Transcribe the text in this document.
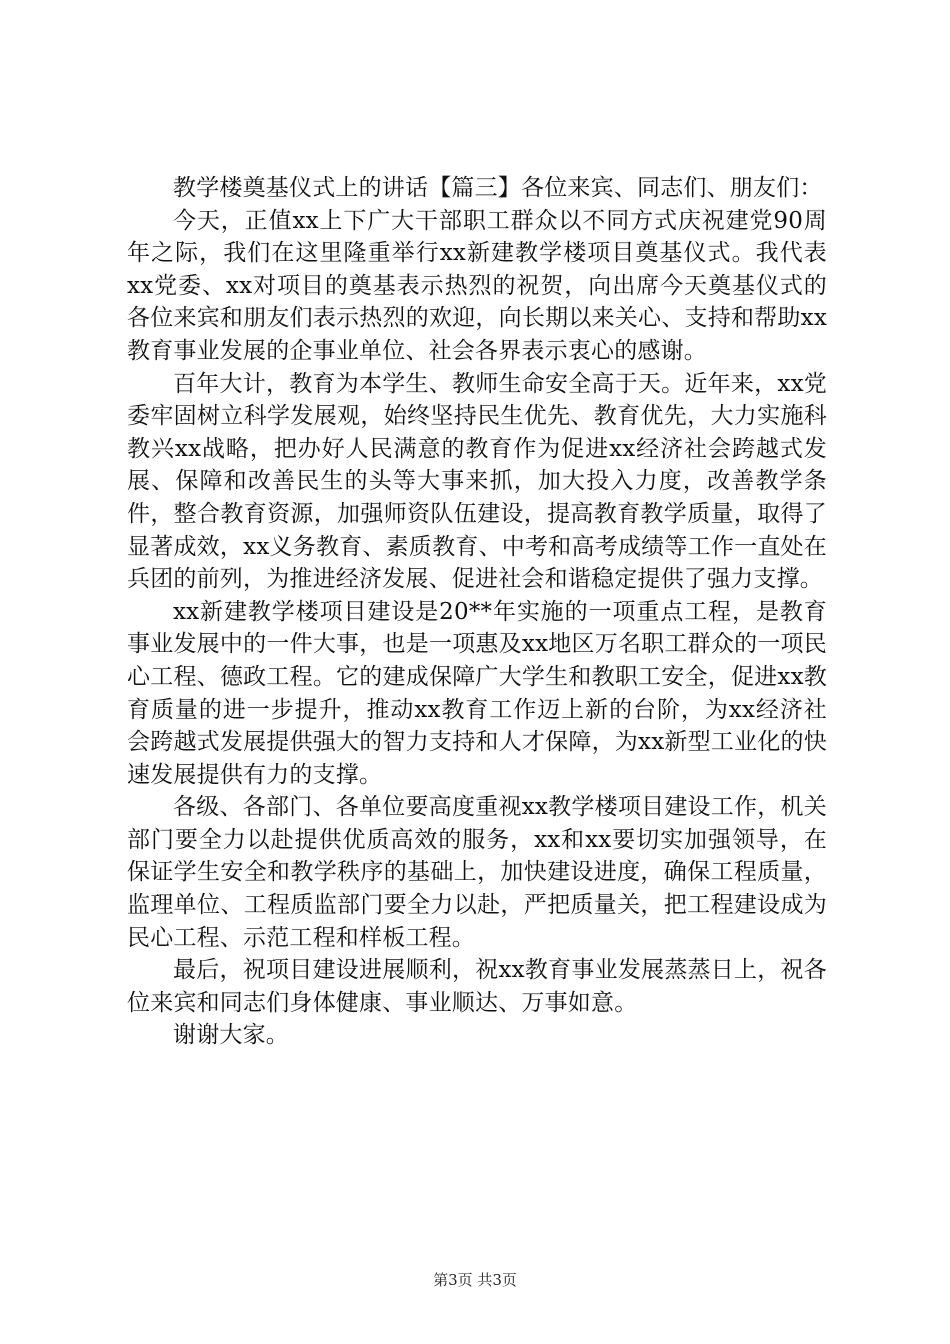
教学楼奠基仪式上的讲话【篇三】各位来宾、同志们、朋友们：

今天，正值xx上下广大干部职工群众以不同方式庆祝建党90周年之际，我们在这里隆重举行xx新建教学楼项目奠基仪式。我代表xx党委、xx对项目的奠基表示热烈的祝贺，向出席今天奠基仪式的各位来宾和朋友们表示热烈的欢迎，向长期以来关心、支持和帮助xx教育事业发展的企事业单位、社会各界表示衷心的感谢。

百年大计，教育为本学生、教师生命安全高于天。近年来，xx党委牢固树立科学发展观，始终坚持民生优先、教育优先，大力实施科教兴xx战略，把办好人民满意的教育作为促进xx经济社会跨越式发展、保障和改善民生的头等大事来抓，加大投入力度，改善教学条件，整合教育资源，加强师资队伍建设，提高教育教学质量，取得了显著成效，xx义务教育、素质教育、中考和高考成绩等工作一直处在兵团的前列，为推进经济发展、促进社会和谐稳定提供了强力支撑。

xx新建教学楼项目建设是20**年实施的一项重点工程，是教育事业发展中的一件大事，也是一项惠及xx地区万名职工群众的一项民心工程、德政工程。它的建成保障广大学生和教职工安全，促进xx教育质量的进一步提升，推动xx教育工作迈上新的台阶，为xx经济社会跨越式发展提供强大的智力支持和人才保障，为xx新型工业化的快速发展提供有力的支撑。

各级、各部门、各单位要高度重视xx教学楼项目建设工作，机关部门要全力以赴提供优质高效的服务，xx和xx要切实加强领导，在保证学生安全和教学秩序的基础上，加快建设进度，确保工程质量，监理单位、工程质监部门要全力以赴，严把质量关，把工程建设成为民心工程、示范工程和样板工程。

最后，祝项目建设进展顺利，祝xx教育事业发展蒸蒸日上，祝各位来宾和同志们身体健康、事业顺达、万事如意。

谢谢大家。

第3页 共3页
